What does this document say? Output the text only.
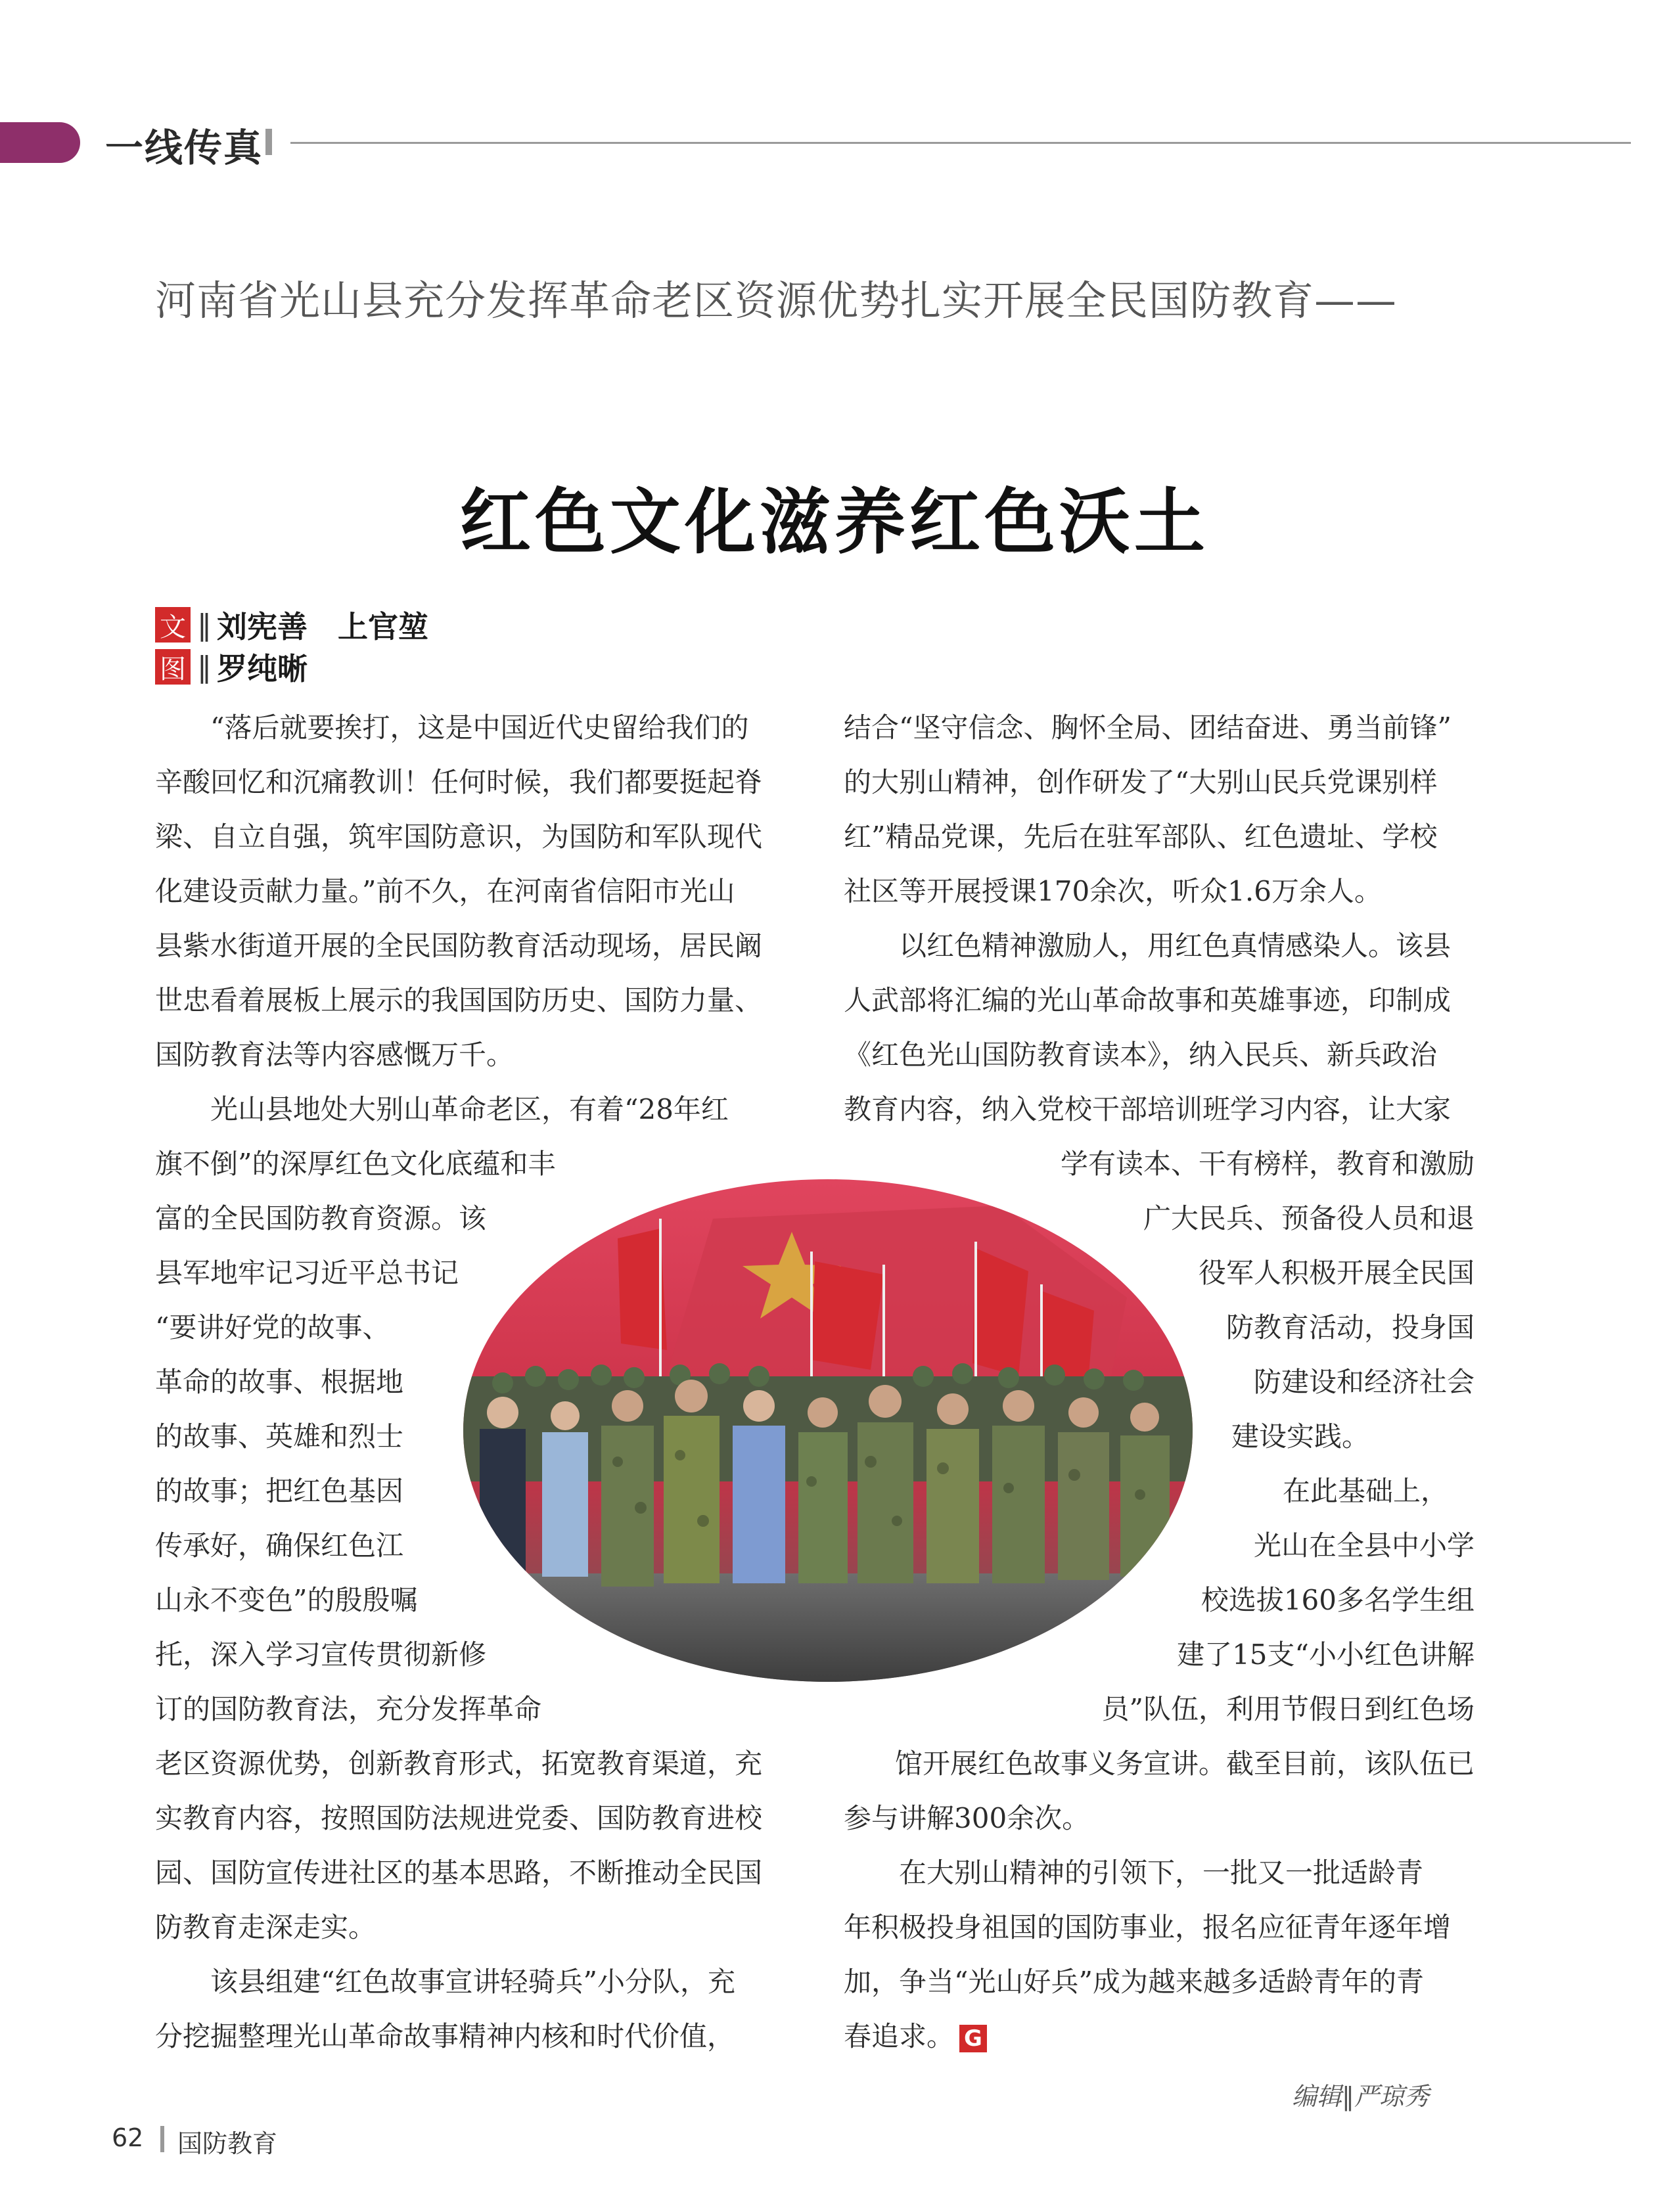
一线传真
河南省光山县充分发挥革命老区资源优势扎实开展全民国防教育——
红色文化滋养红色沃土
文 ‖ 刘宪善　上官堃
图 ‖ 罗纯晰
“落后就要挨打，这是中国近代史留给我们的
辛酸回忆和沉痛教训！任何时候，我们都要挺起脊
梁、自立自强，筑牢国防意识，为国防和军队现代
化建设贡献力量。”前不久，在河南省信阳市光山
县紫水街道开展的全民国防教育活动现场，居民阚
世忠看着展板上展示的我国国防历史、国防力量、
国防教育法等内容感慨万千。
光山县地处大别山革命老区，有着“28年红
旗不倒”的深厚红色文化底蕴和丰
富的全民国防教育资源。该
县军地牢记习近平总书记
“要讲好党的故事、
革命的故事、根据地
的故事、英雄和烈士
的故事；把红色基因
传承好，确保红色江
山永不变色”的殷殷嘱
托，深入学习宣传贯彻新修
订的国防教育法，充分发挥革命
老区资源优势，创新教育形式，拓宽教育渠道，充
实教育内容，按照国防法规进党委、国防教育进校
园、国防宣传进社区的基本思路，不断推动全民国
防教育走深走实。
该县组建“红色故事宣讲轻骑兵”小分队，充
分挖掘整理光山革命故事精神内核和时代价值，
结合“坚守信念、胸怀全局、团结奋进、勇当前锋”
的大别山精神，创作研发了“大别山民兵党课别样
红”精品党课，先后在驻军部队、红色遗址、学校
社区等开展授课170余次，听众1.6万余人。
以红色精神激励人，用红色真情感染人。该县
人武部将汇编的光山革命故事和英雄事迹，印制成
《红色光山国防教育读本》，纳入民兵、新兵政治
教育内容，纳入党校干部培训班学习内容，让大家
学有读本、干有榜样，教育和激励
广大民兵、预备役人员和退
役军人积极开展全民国
防教育活动，投身国
防建设和经济社会
建设实践。
在此基础上，
光山在全县中小学
校选拔160多名学生组
建了15支“小小红色讲解
员”队伍，利用节假日到红色场
馆开展红色故事义务宣讲。截至目前，该队伍已
参与讲解300余次。
在大别山精神的引领下，一批又一批适龄青
年积极投身祖国的国防事业，报名应征青年逐年增
加，争当“光山好兵”成为越来越多适龄青年的青
春追求。 G
编辑‖严琼秀
62 国防教育
